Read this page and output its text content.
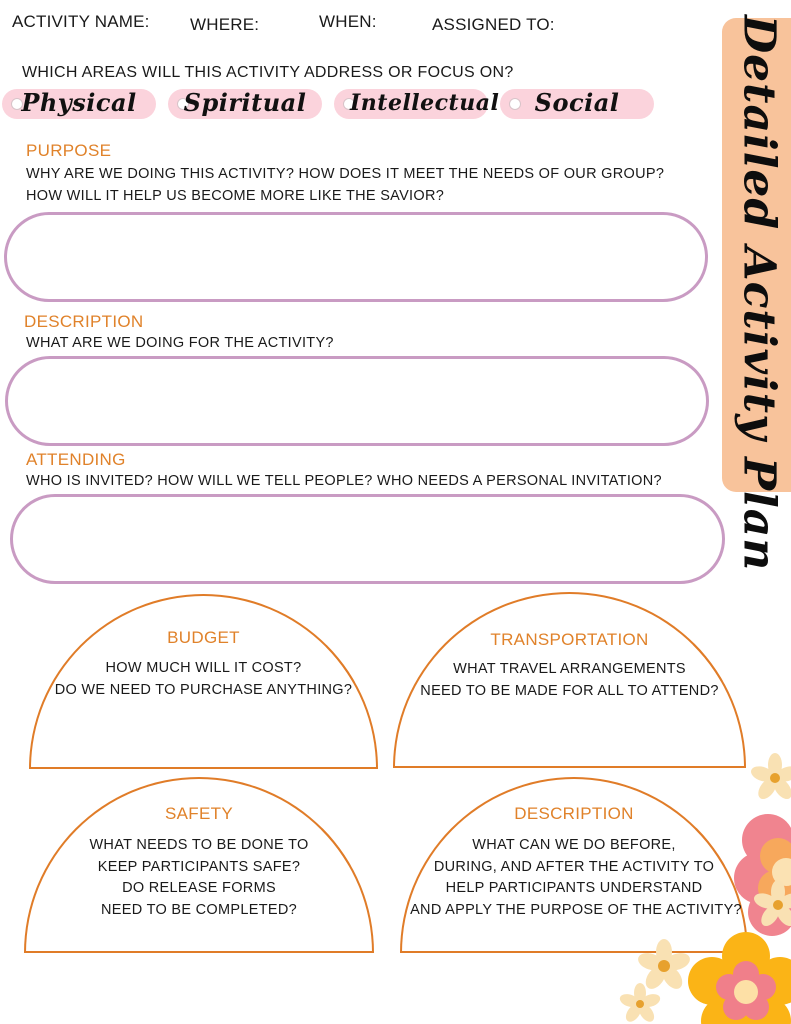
ACTIVITY NAME: WHERE:	WHEN:	ASSIGNED TO:	Detailed Activity Plan
WHICH AREAS WILL THIS ACTIVITY ADDRESS OR FOCUS ON?
Physical	Spiritual	Intellectual	Social
PURPOSE
WHY ARE WE DOING THIS ACTIVITY? HOW DOES IT MEET THE NEEDS OF OUR GROUP?
HOW WILL IT HELP US BECOME MORE LIKE THE SAVIOR?
DESCRIPTION
WHAT ARE WE DOING FOR THE ACTIVITY?
ATTENDING
WHO IS INVITED? HOW WILL WE TELL PEOPLE? WHO NEEDS A PERSONAL INVITATION?
BUDGET
HOW MUCH WILL IT COST?
DO WE NEED TO PURCHASE ANYTHING?
TRANSPORTATION
WHAT TRAVEL ARRANGEMENTS
NEED TO BE MADE FOR ALL TO ATTEND?
SAFETY
WHAT NEEDS TO BE DONE TO
KEEP PARTICIPANTS SAFE?
DO RELEASE FORMS
NEED TO BE COMPLETED?
DESCRIPTION
WHAT CAN WE DO BEFORE,
DURING, AND AFTER THE ACTIVITY TO
HELP PARTICIPANTS UNDERSTAND
AND APPLY THE PURPOSE OF THE ACTIVITY?
